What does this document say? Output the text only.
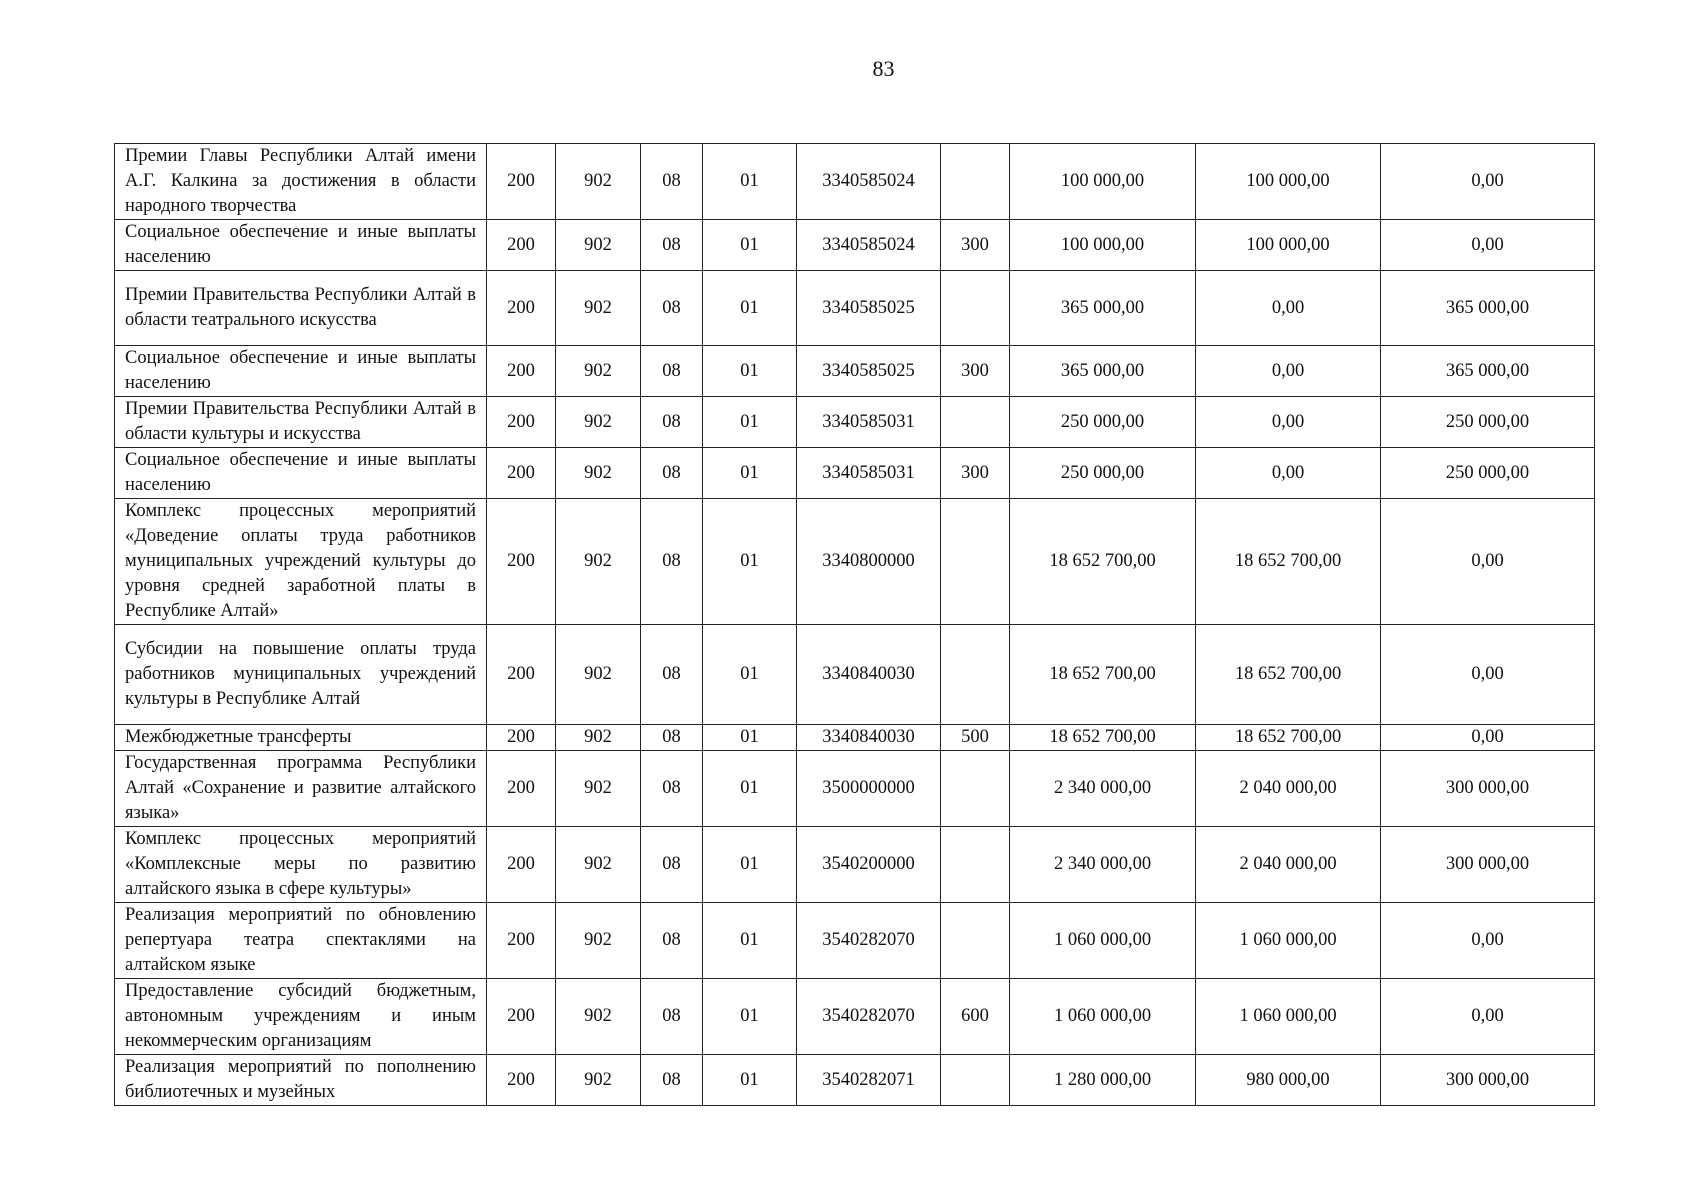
83
Премии Главы Республики Алтай имени А.Г. Калкина за достижения в области народного творчества	200	902	08	01	3340585024		100 000,00	100 000,00	0,00
Социальное обеспечение и иные выплаты населению	200	902	08	01	3340585024	300	100 000,00	100 000,00	0,00
Премии Правительства Республики Алтай в области театрального искусства	200	902	08	01	3340585025		365 000,00	0,00	365 000,00
Социальное обеспечение и иные выплаты населению	200	902	08	01	3340585025	300	365 000,00	0,00	365 000,00
Премии Правительства Республики Алтай в области культуры и искусства	200	902	08	01	3340585031		250 000,00	0,00	250 000,00
Социальное обеспечение и иные выплаты населению	200	902	08	01	3340585031	300	250 000,00	0,00	250 000,00
Комплекс процессных мероприятий «Доведение оплаты труда работников муниципальных учреждений культуры до уровня средней заработной платы в Республике Алтай»	200	902	08	01	3340800000		18 652 700,00	18 652 700,00	0,00
Субсидии на повышение оплаты труда работников муниципальных учреждений культуры в Республике Алтай	200	902	08	01	3340840030		18 652 700,00	18 652 700,00	0,00
Межбюджетные трансферты	200	902	08	01	3340840030	500	18 652 700,00	18 652 700,00	0,00
Государственная программа Республики Алтай «Сохранение и развитие алтайского языка»	200	902	08	01	3500000000		2 340 000,00	2 040 000,00	300 000,00
Комплекс процессных мероприятий «Комплексные меры по развитию алтайского языка в сфере культуры»	200	902	08	01	3540200000		2 340 000,00	2 040 000,00	300 000,00
Реализация мероприятий по обновлению репертуара театра спектаклями на алтайском языке	200	902	08	01	3540282070		1 060 000,00	1 060 000,00	0,00
Предоставление субсидий бюджетным, автономным учреждениям и иным некоммерческим организациям	200	902	08	01	3540282070	600	1 060 000,00	1 060 000,00	0,00
Реализация мероприятий по пополнению библиотечных и музейных	200	902	08	01	3540282071		1 280 000,00	980 000,00	300 000,00
